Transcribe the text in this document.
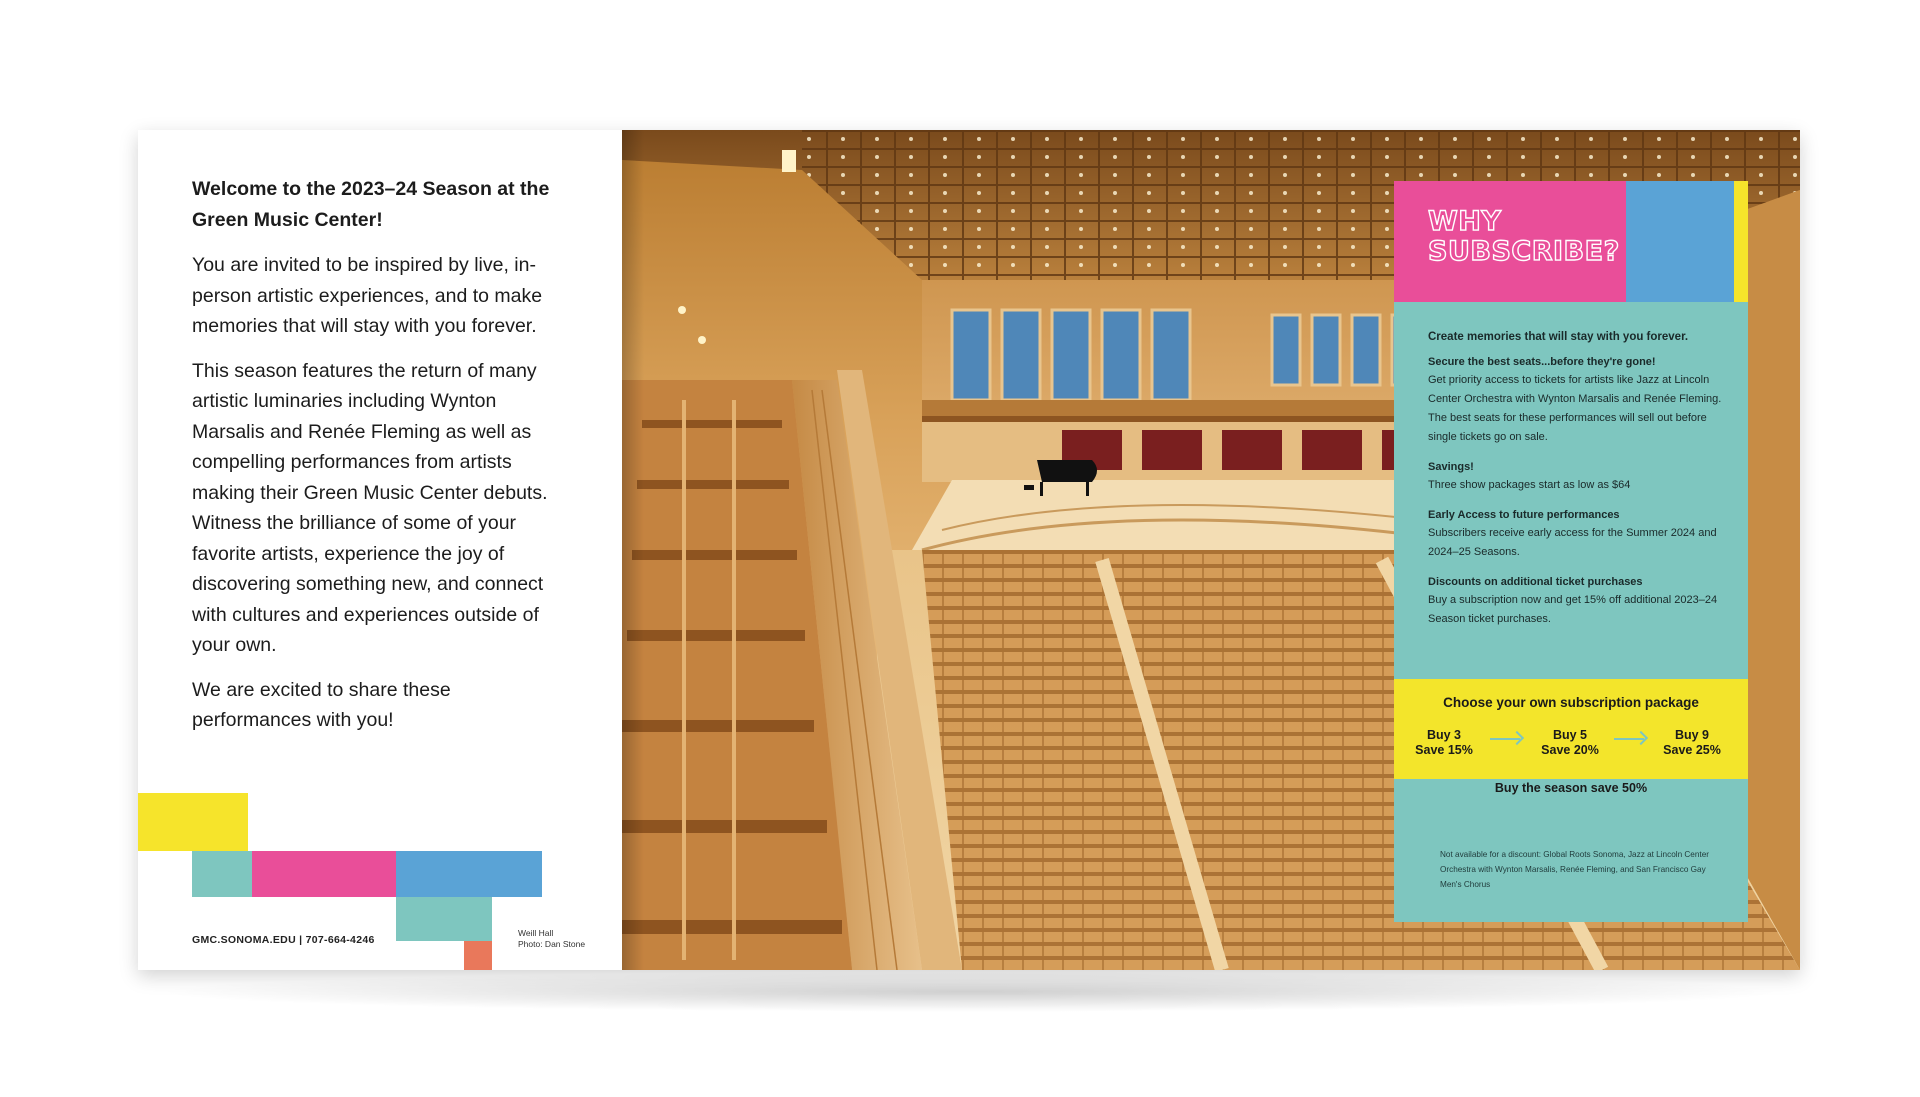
Welcome to the 2023–24 Season at the Green Music Center!

You are invited to be inspired by live, in-person artistic experiences, and to make memories that will stay with you forever.

This season features the return of many artistic luminaries including Wynton Marsalis and Renée Fleming as well as compelling performances from artists making their Green Music Center debuts. Witness the brilliance of some of your favorite artists, experience the joy of discovering something new, and connect with cultures and experiences outside of your own.

We are excited to share these performances with you!

GMC.SONOMA.EDU | 707-664-4246
Weill Hall
Photo: Dan Stone
WHY SUBSCRIBE?

Create memories that will stay with you forever.

Secure the best seats...before they're gone!

Get priority access to tickets for artists like Jazz at Lincoln Center Orchestra with Wynton Marsalis and Renée Fleming. The best seats for these performances will sell out before single tickets go on sale.

Savings!

Three show packages start as low as $64

Early Access to future performances

Subscribers receive early access for the Summer 2024 and 2024–25 Seasons.

Discounts on additional ticket purchases

Buy a subscription now and get 15% off additional 2023–24 Season ticket purchases.

Choose your own subscription package
Buy 3
Save 15%
Buy 5
Save 20%
Buy 9
Save 25%
Buy the season save 50%
Not available for a discount: Global Roots Sonoma, Jazz at Lincoln Center Orchestra with Wynton Marsalis, Renée Fleming, and San Francisco Gay Men's Chorus
